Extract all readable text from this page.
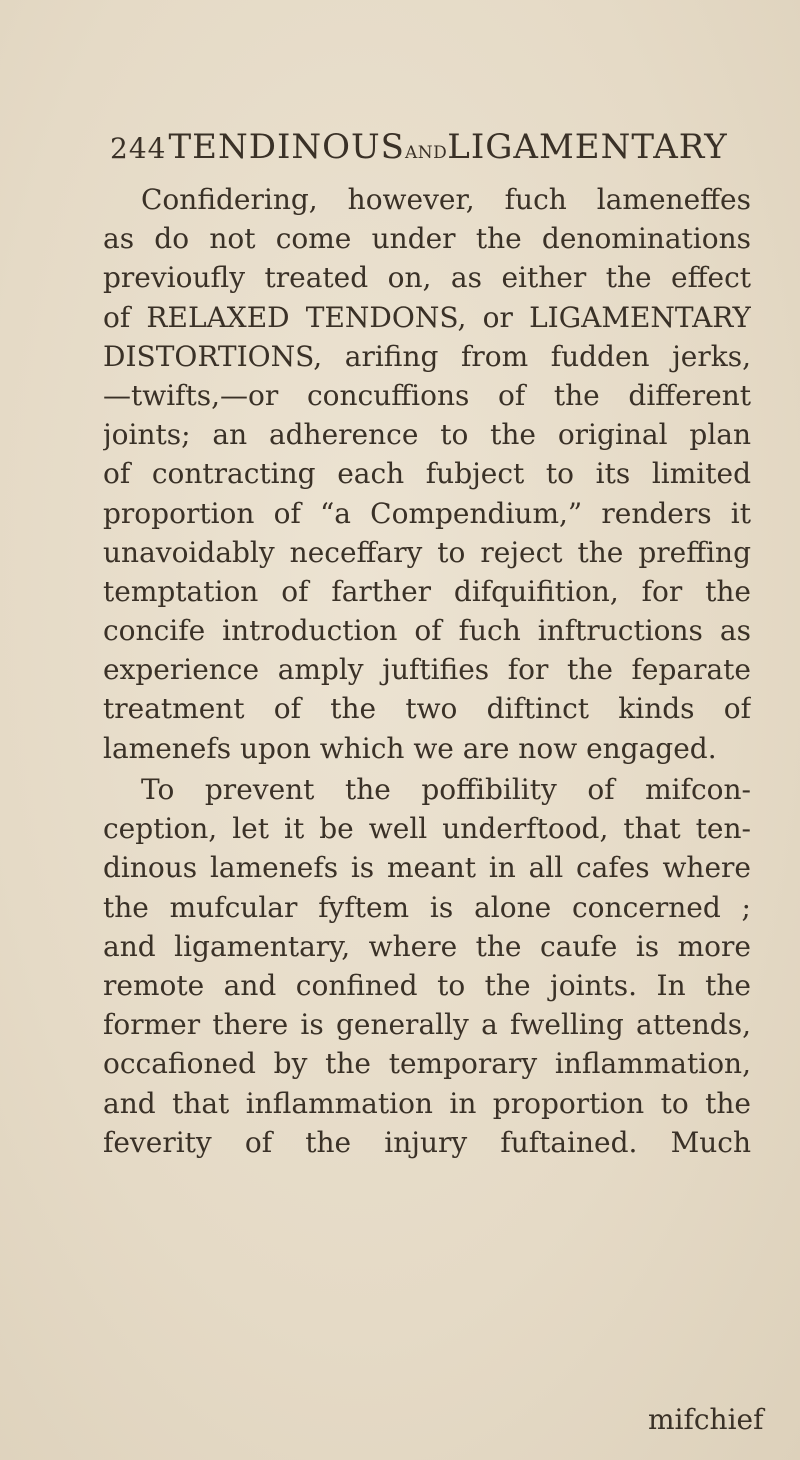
244TENDINOUSANDLIGAMENTARY
Confidering, however, fuch lameneffes
as do not come under the denominations
previoufly treated on, as either the effect
of RELAXED TENDONS, or LIGAMENTARY
DISTORTIONS, arifing from fudden jerks,
—twifts,—or concuffions of the different
joints; an adherence to the original plan
of contracting each fubject to its limited
proportion of “a Compendium,” renders it
unavoidably neceffary to reject the preffing
temptation of farther difquifition, for the
concife introduction of fuch inftructions as
experience amply juftifies for the feparate
treatment of the two diftinct kinds of
lamenefs upon which we are now engaged.
To prevent the poffibility of mifcon-
ception, let it be well underftood, that ten-
dinous lamenefs is meant in all cafes where
the mufcular fyftem is alone concerned ;
and ligamentary, where the caufe is more
remote and confined to the joints. In the
former there is generally a fwelling attends,
occafioned by the temporary inflammation,
and that inflammation in proportion to the
feverity of the injury fuftained. Much
mifchief
